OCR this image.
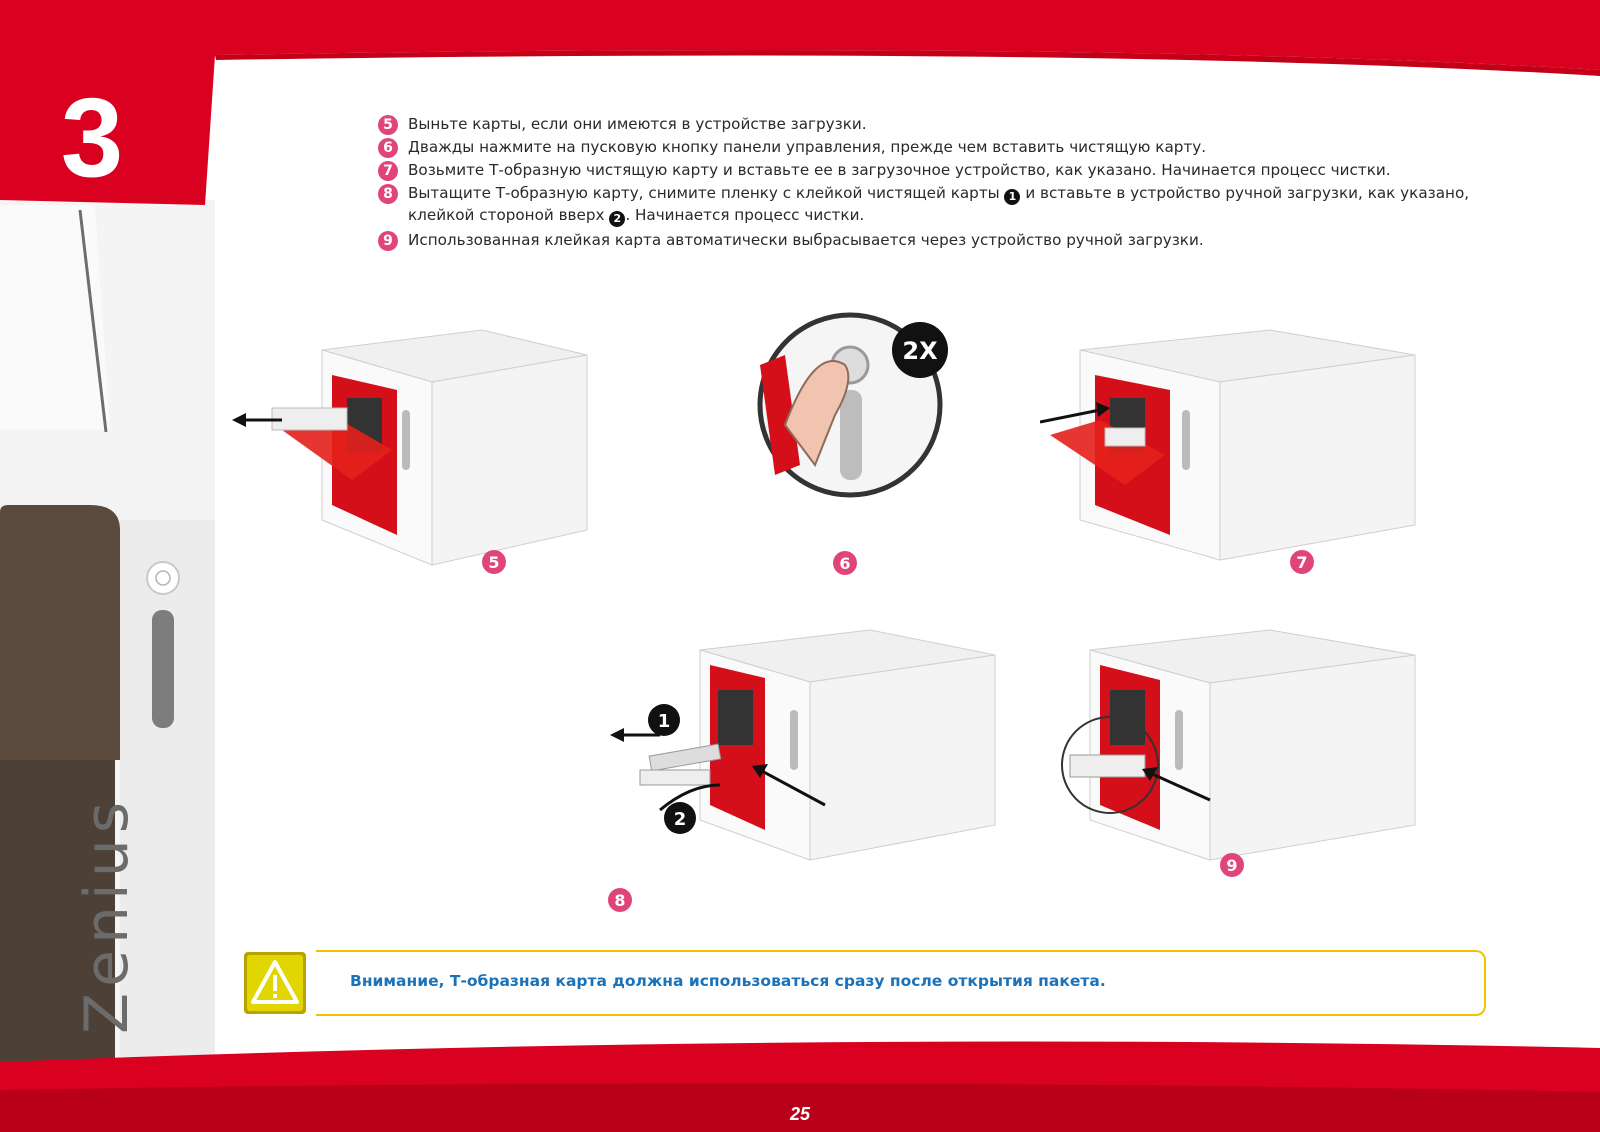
3
Zenius
5 Выньте карты, если они имеются в устройстве загрузки.
6 Дважды нажмите на пусковую кнопку панели управления, прежде чем вставить чистящую карту.
7 Возьмите Т-образную чистящую карту и вставьте ее в загрузочное устройство, как указано. Начинается процесс чистки.
8 Вытащите Т-образную карту, снимите пленку с клейкой чистящей карты 1 и вставьте в устройство ручной загрузки, как указано, клейкой стороной вверх 2 . Начинается процесс чистки.
9 Использованная клейкая карта автоматически выбрасывается через устройство ручной загрузки.
5
2X
6	7
1
2
8
9
Внимание, Т-образная карта должна использоваться сразу после открытия пакета.
25
